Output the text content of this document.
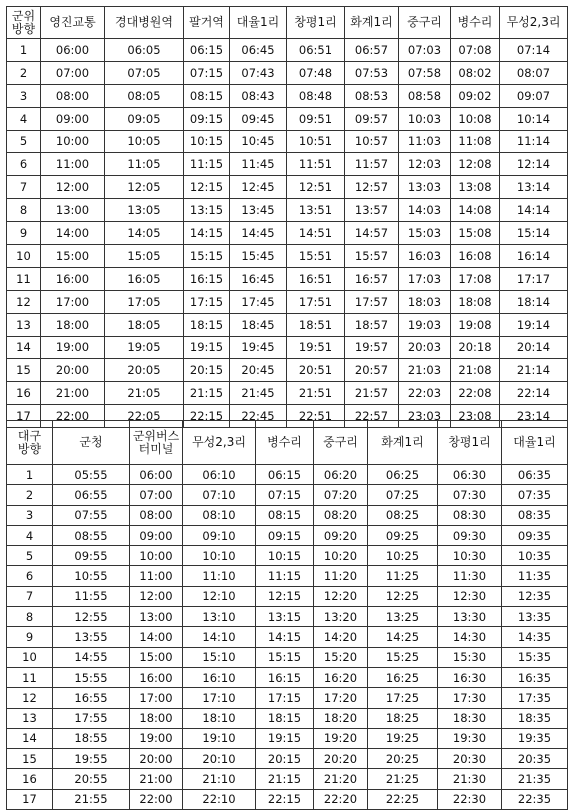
군위
방향	영진교통	경대병원역	팔거역	대율1리	창평1리	화계1리	중구리	병수리	무성2,3리

1	06:00	06:05	06:15	06:45	06:51	06:57	07:03	07:08	07:14
2	07:00	07:05	07:15	07:43	07:48	07:53	07:58	08:02	08:07
3	08:00	08:05	08:15	08:43	08:48	08:53	08:58	09:02	09:07
4	09:00	09:05	09:15	09:45	09:51	09:57	10:03	10:08	10:14
5	10:00	10:05	10:15	10:45	10:51	10:57	11:03	11:08	11:14
6	11:00	11:05	11:15	11:45	11:51	11:57	12:03	12:08	12:14
7	12:00	12:05	12:15	12:45	12:51	12:57	13:03	13:08	13:14
8	13:00	13:05	13:15	13:45	13:51	13:57	14:03	14:08	14:14
9	14:00	14:05	14:15	14:45	14:51	14:57	15:03	15:08	15:14
10	15:00	15:05	15:15	15:45	15:51	15:57	16:03	16:08	16:14
11	16:00	16:05	16:15	16:45	16:51	16:57	17:03	17:08	17:17
12	17:00	17:05	17:15	17:45	17:51	17:57	18:03	18:08	18:14
13	18:00	18:05	18:15	18:45	18:51	18:57	19:03	19:08	19:14
14	19:00	19:05	19:15	19:45	19:51	19:57	20:03	20:18	20:14
15	20:00	20:05	20:15	20:45	20:51	20:57	21:03	21:08	21:14
16	21:00	21:05	21:15	21:45	21:51	21:57	22:03	22:08	22:14
17	22:00	22:05	22:15	22:45	22:51	22:57	23:03	23:08	23:14
대구
방향	군청	군위버스
터미널	무성2,3리	병수리	중구리	화계1리	창평1리	대율1리

1	05:55	06:00	06:10	06:15	06:20	06:25	06:30	06:35
2	06:55	07:00	07:10	07:15	07:20	07:25	07:30	07:35
3	07:55	08:00	08:10	08:15	08:20	08:25	08:30	08:35
4	08:55	09:00	09:10	09:15	09:20	09:25	09:30	09:35
5	09:55	10:00	10:10	10:15	10:20	10:25	10:30	10:35
6	10:55	11:00	11:10	11:15	11:20	11:25	11:30	11:35
7	11:55	12:00	12:10	12:15	12:20	12:25	12:30	12:35
8	12:55	13:00	13:10	13:15	13:20	13:25	13:30	13:35
9	13:55	14:00	14:10	14:15	14:20	14:25	14:30	14:35
10	14:55	15:00	15:10	15:15	15:20	15:25	15:30	15:35
11	15:55	16:00	16:10	16:15	16:20	16:25	16:30	16:35
12	16:55	17:00	17:10	17:15	17:20	17:25	17:30	17:35
13	17:55	18:00	18:10	18:15	18:20	18:25	18:30	18:35
14	18:55	19:00	19:10	19:15	19:20	19:25	19:30	19:35
15	19:55	20:00	20:10	20:15	20:20	20:25	20:30	20:35
16	20:55	21:00	21:10	21:15	21:20	21:25	21:30	21:35
17	21:55	22:00	22:10	22:15	22:20	22:25	22:30	22:35
